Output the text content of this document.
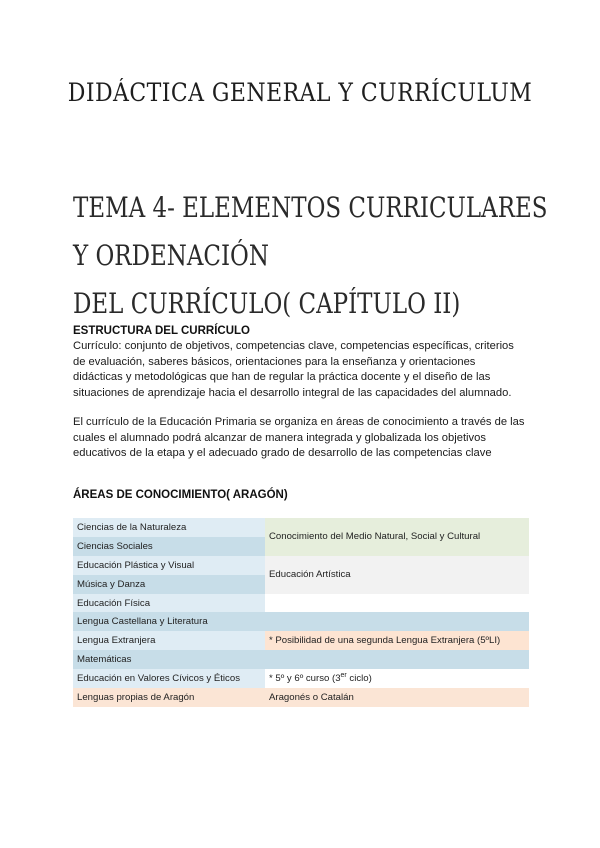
DIDÁCTICA GENERAL Y CURRÍCULUM
TEMA 4- ELEMENTOS CURRICULARES Y ORDENACIÓN
DEL CURRÍCULO( CAPÍTULO II)
ESTRUCTURA DEL CURRÍCULO
Currículo: conjunto de objetivos, competencias clave, competencias específicas, criterios de evaluación, saberes básicos, orientaciones para la enseñanza y orientaciones didácticas y metodológicas que han de regular la práctica docente y el diseño de las situaciones de aprendizaje hacia el desarrollo integral de las capacidades del alumnado.
El currículo de la Educación Primaria se organiza en áreas de conocimiento a través de las cuales el alumnado podrá alcanzar de manera integrada y globalizada los objetivos educativos de la etapa y el adecuado grado de desarrollo de las competencias clave
ÁREAS DE CONOCIMIENTO( ARAGÓN)
Ciencias de la Naturaleza	Conocimiento del Medio Natural, Social y Cultural
Ciencias Sociales	
Educación Plástica y Visual	Educación Artística
Música y Danza	
Educación Física	
Lengua Castellana y Literatura	
Lengua Extranjera	* Posibilidad de una segunda Lengua Extranjera (5ºLI)
Matemáticas	
Educación en Valores Cívicos y Éticos	* 5º y 6º curso (3er ciclo)
Lenguas propias de Aragón	Aragonés o Catalán
